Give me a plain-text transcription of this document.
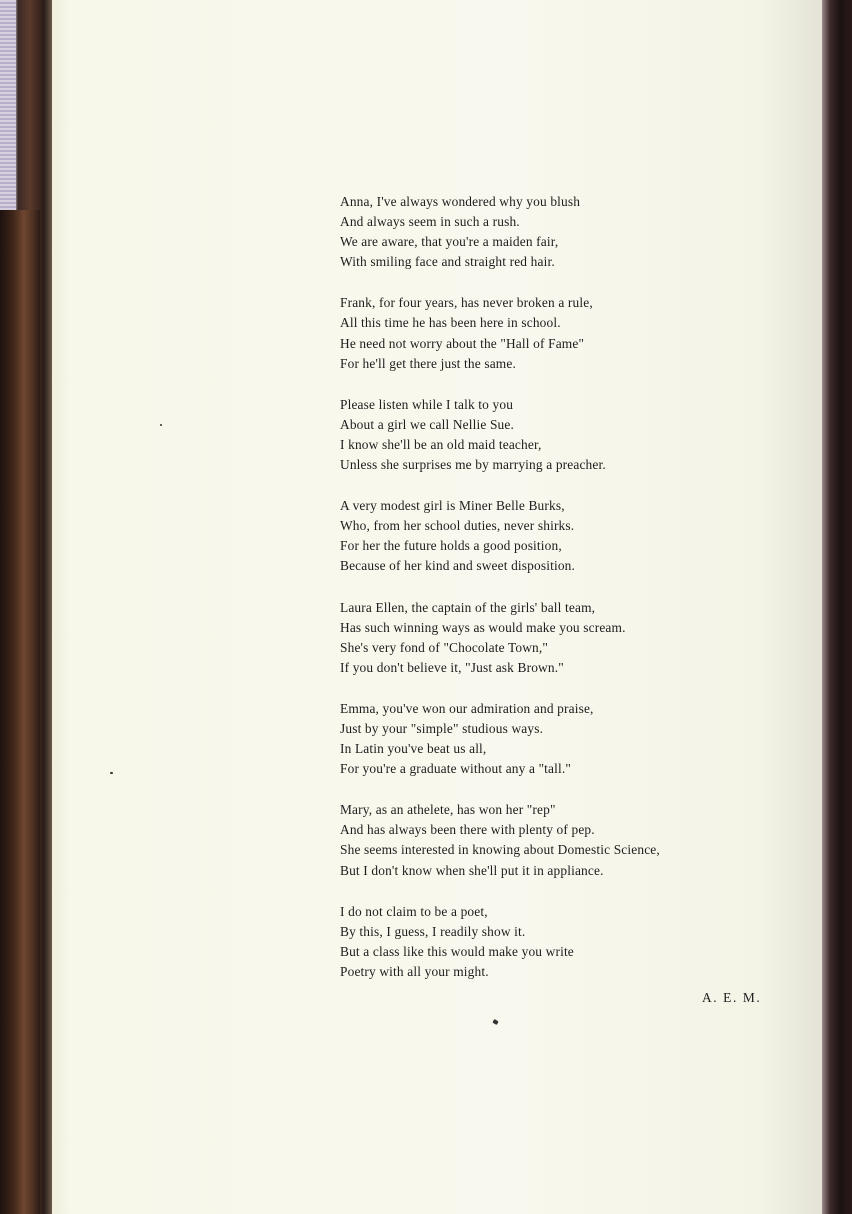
Anna, I've always wondered why you blush
And always seem in such a rush.
We are aware, that you're a maiden fair,
With smiling face and straight red hair.
Frank, for four years, has never broken a rule,
All this time he has been here in school.
He need not worry about the "Hall of Fame"
For he'll get there just the same.
Please listen while I talk to you
About a girl we call Nellie Sue.
I know she'll be an old maid teacher,
Unless she surprises me by marrying a preacher.
A very modest girl is Miner Belle Burks,
Who, from her school duties, never shirks.
For her the future holds a good position,
Because of her kind and sweet disposition.
Laura Ellen, the captain of the girls' ball team,
Has such winning ways as would make you scream.
She's very fond of "Chocolate Town,"
If you don't believe it, "Just ask Brown."
Emma, you've won our admiration and praise,
Just by your "simple" studious ways.
In Latin you've beat us all,
For you're a graduate without any a "tall."
Mary, as an athelete, has won her "rep"
And has always been there with plenty of pep.
She seems interested in knowing about Domestic Science,
But I don't know when she'll put it in appliance.
I do not claim to be a poet,
By this, I guess, I readily show it.
But a class like this would make you write
Poetry with all your might.
A. E. M.
